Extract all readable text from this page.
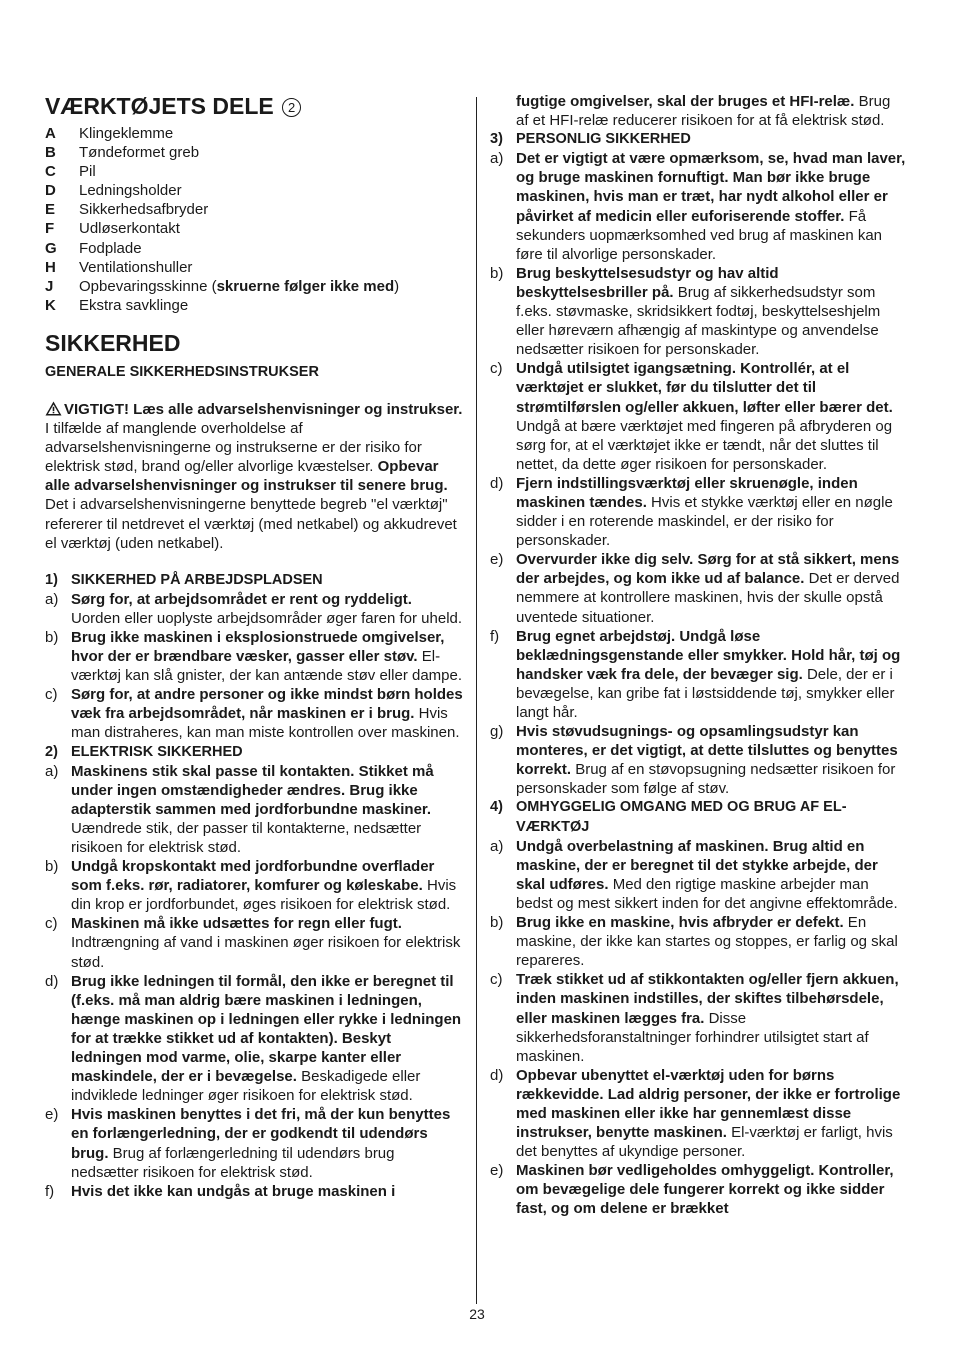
VÆRKTØJETS DELE 2
A	Klingeklemme
B	Tøndeformet greb
C	Pil
D	Ledningsholder
E	Sikkerhedsafbryder
F	Udløserkontakt
G	Fodplade
H	Ventilationshuller
J	Opbevaringsskinne (skruerne følger ikke med)
K	Ekstra savklinge
SIKKERHED
GENERALE SIKKERHEDSINSTRUKSER

VIGTIGT! Læs alle advarselshenvisninger og instrukser. I tilfælde af manglende overholdelse af advarselshenvisningerne og instrukserne er der risiko for elektrisk stød, brand og/eller alvorlige kvæstelser. Opbevar alle advarselshenvisninger og instrukser til senere brug. Det i advarselshenvisningerne benyttede begreb "el værktøj" refererer til netdrevet el værktøj (med netkabel) og akkudrevet el værktøj (uden netkabel).

1) SIKKERHED PÅ ARBEJDSPLADSEN
a) Sørg for, at arbejdsområdet er rent og ryddeligt. Uorden eller uoplyste arbejdsområder øger faren for uheld.
b) Brug ikke maskinen i eksplosionstruede omgivelser, hvor der er brændbare væsker, gasser eller støv. El-værktøj kan slå gnister, der kan antænde støv eller dampe.
c) Sørg for, at andre personer og ikke mindst børn holdes væk fra arbejdsområdet, når maskinen er i brug. Hvis man distraheres, kan man miste kontrollen over maskinen.
2) ELEKTRISK SIKKERHED
a) Maskinens stik skal passe til kontakten. Stikket må under ingen omstændigheder ændres. Brug ikke adapterstik sammen med jordforbundne maskiner. Uændrede stik, der passer til kontakterne, nedsætter risikoen for elektrisk stød.
b) Undgå kropskontakt med jordforbundne overflader som f.eks. rør, radiatorer, komfurer og køleskabe. Hvis din krop er jordforbundet, øges risikoen for elektrisk stød.
c) Maskinen må ikke udsættes for regn eller fugt. Indtrængning af vand i maskinen øger risikoen for elektrisk stød.
d) Brug ikke ledningen til formål, den ikke er beregnet til (f.eks. må man aldrig bære maskinen i ledningen, hænge maskinen op i ledningen eller rykke i ledningen for at trække stikket ud af kontakten). Beskyt ledningen mod varme, olie, skarpe kanter eller maskindele, der er i bevægelse. Beskadigede eller indviklede ledninger øger risikoen for elektrisk stød.
e) Hvis maskinen benyttes i det fri, må der kun benyttes en forlængerledning, der er godkendt til udendørs brug. Brug af forlængerledning til udendørs brug nedsætter risikoen for elektrisk stød.
f)	Hvis det ikke kan undgås at bruge maskinen i
fugtige omgivelser, skal der bruges et HFI-relæ. Brug af et HFI-relæ reducerer risikoen for at få elektrisk stød.
3) PERSONLIG SIKKERHED
a) Det er vigtigt at være opmærksom, se, hvad man laver, og bruge maskinen fornuftigt. Man bør ikke bruge maskinen, hvis man er træt, har nydt alkohol eller er påvirket af medicin eller euforiserende stoffer. Få sekunders uopmærksomhed ved brug af maskinen kan føre til alvorlige personskader.
b) Brug beskyttelsesudstyr og hav altid beskyttelsesbriller på. Brug af sikkerhedsudstyr som f.eks. støvmaske, skridsikkert fodtøj, beskyttelseshjelm eller høreværn afhængig af maskintype og anvendelse nedsætter risikoen for personskader.
c) Undgå utilsigtet igangsætning. Kontrollér, at el værktøjet er slukket, før du tilslutter det til strømtilførslen og/eller akkuen, løfter eller bærer det. Undgå at bære værktøjet med fingeren på afbryderen og sørg for, at el værktøjet ikke er tændt, når det sluttes til nettet, da dette øger risikoen for personskader.
d) Fjern indstillingsværktøj eller skruenøgle, inden maskinen tændes. Hvis et stykke værktøj eller en nøgle sidder i en roterende maskindel, er der risiko for personskader.
e) Overvurder ikke dig selv. Sørg for at stå sikkert, mens der arbejdes, og kom ikke ud af balance. Det er derved nemmere at kontrollere maskinen, hvis der skulle opstå uventede situationer.
f)	Brug egnet arbejdstøj. Undgå løse beklædningsgenstande eller smykker. Hold hår, tøj og handsker væk fra dele, der bevæger sig. Dele, der er i bevægelse, kan gribe fat i løstsiddende tøj, smykker eller langt hår.
g) Hvis støvudsugnings- og opsamlingsudstyr kan monteres, er det vigtigt, at dette tilsluttes og benyttes korrekt. Brug af en støvopsugning nedsætter risikoen for personskader som følge af støv.
4) OMHYGGELIG OMGANG MED OG BRUG AF EL-VÆRKTØJ
a) Undgå overbelastning af maskinen. Brug altid en maskine, der er beregnet til det stykke arbejde, der skal udføres. Med den rigtige maskine arbejder man bedst og mest sikkert inden for det angivne effektområde.
b) Brug ikke en maskine, hvis afbryder er defekt. En maskine, der ikke kan startes og stoppes, er farlig og skal repareres.
c) Træk stikket ud af stikkontakten og/eller fjern akkuen, inden maskinen indstilles, der skiftes tilbehørsdele, eller maskinen lægges fra. Disse sikkerhedsforanstaltninger forhindrer utilsigtet start af maskinen.
d) Opbevar ubenyttet el-værktøj uden for børns rækkevidde. Lad aldrig personer, der ikke er fortrolige med maskinen eller ikke har gennemlæst disse instrukser, benytte maskinen. El-værktøj er farligt, hvis det benyttes af ukyndige personer.
e) Maskinen bør vedligeholdes omhyggeligt. Kontroller, om bevægelige dele fungerer korrekt og ikke sidder fast, og om delene er brækket
23
